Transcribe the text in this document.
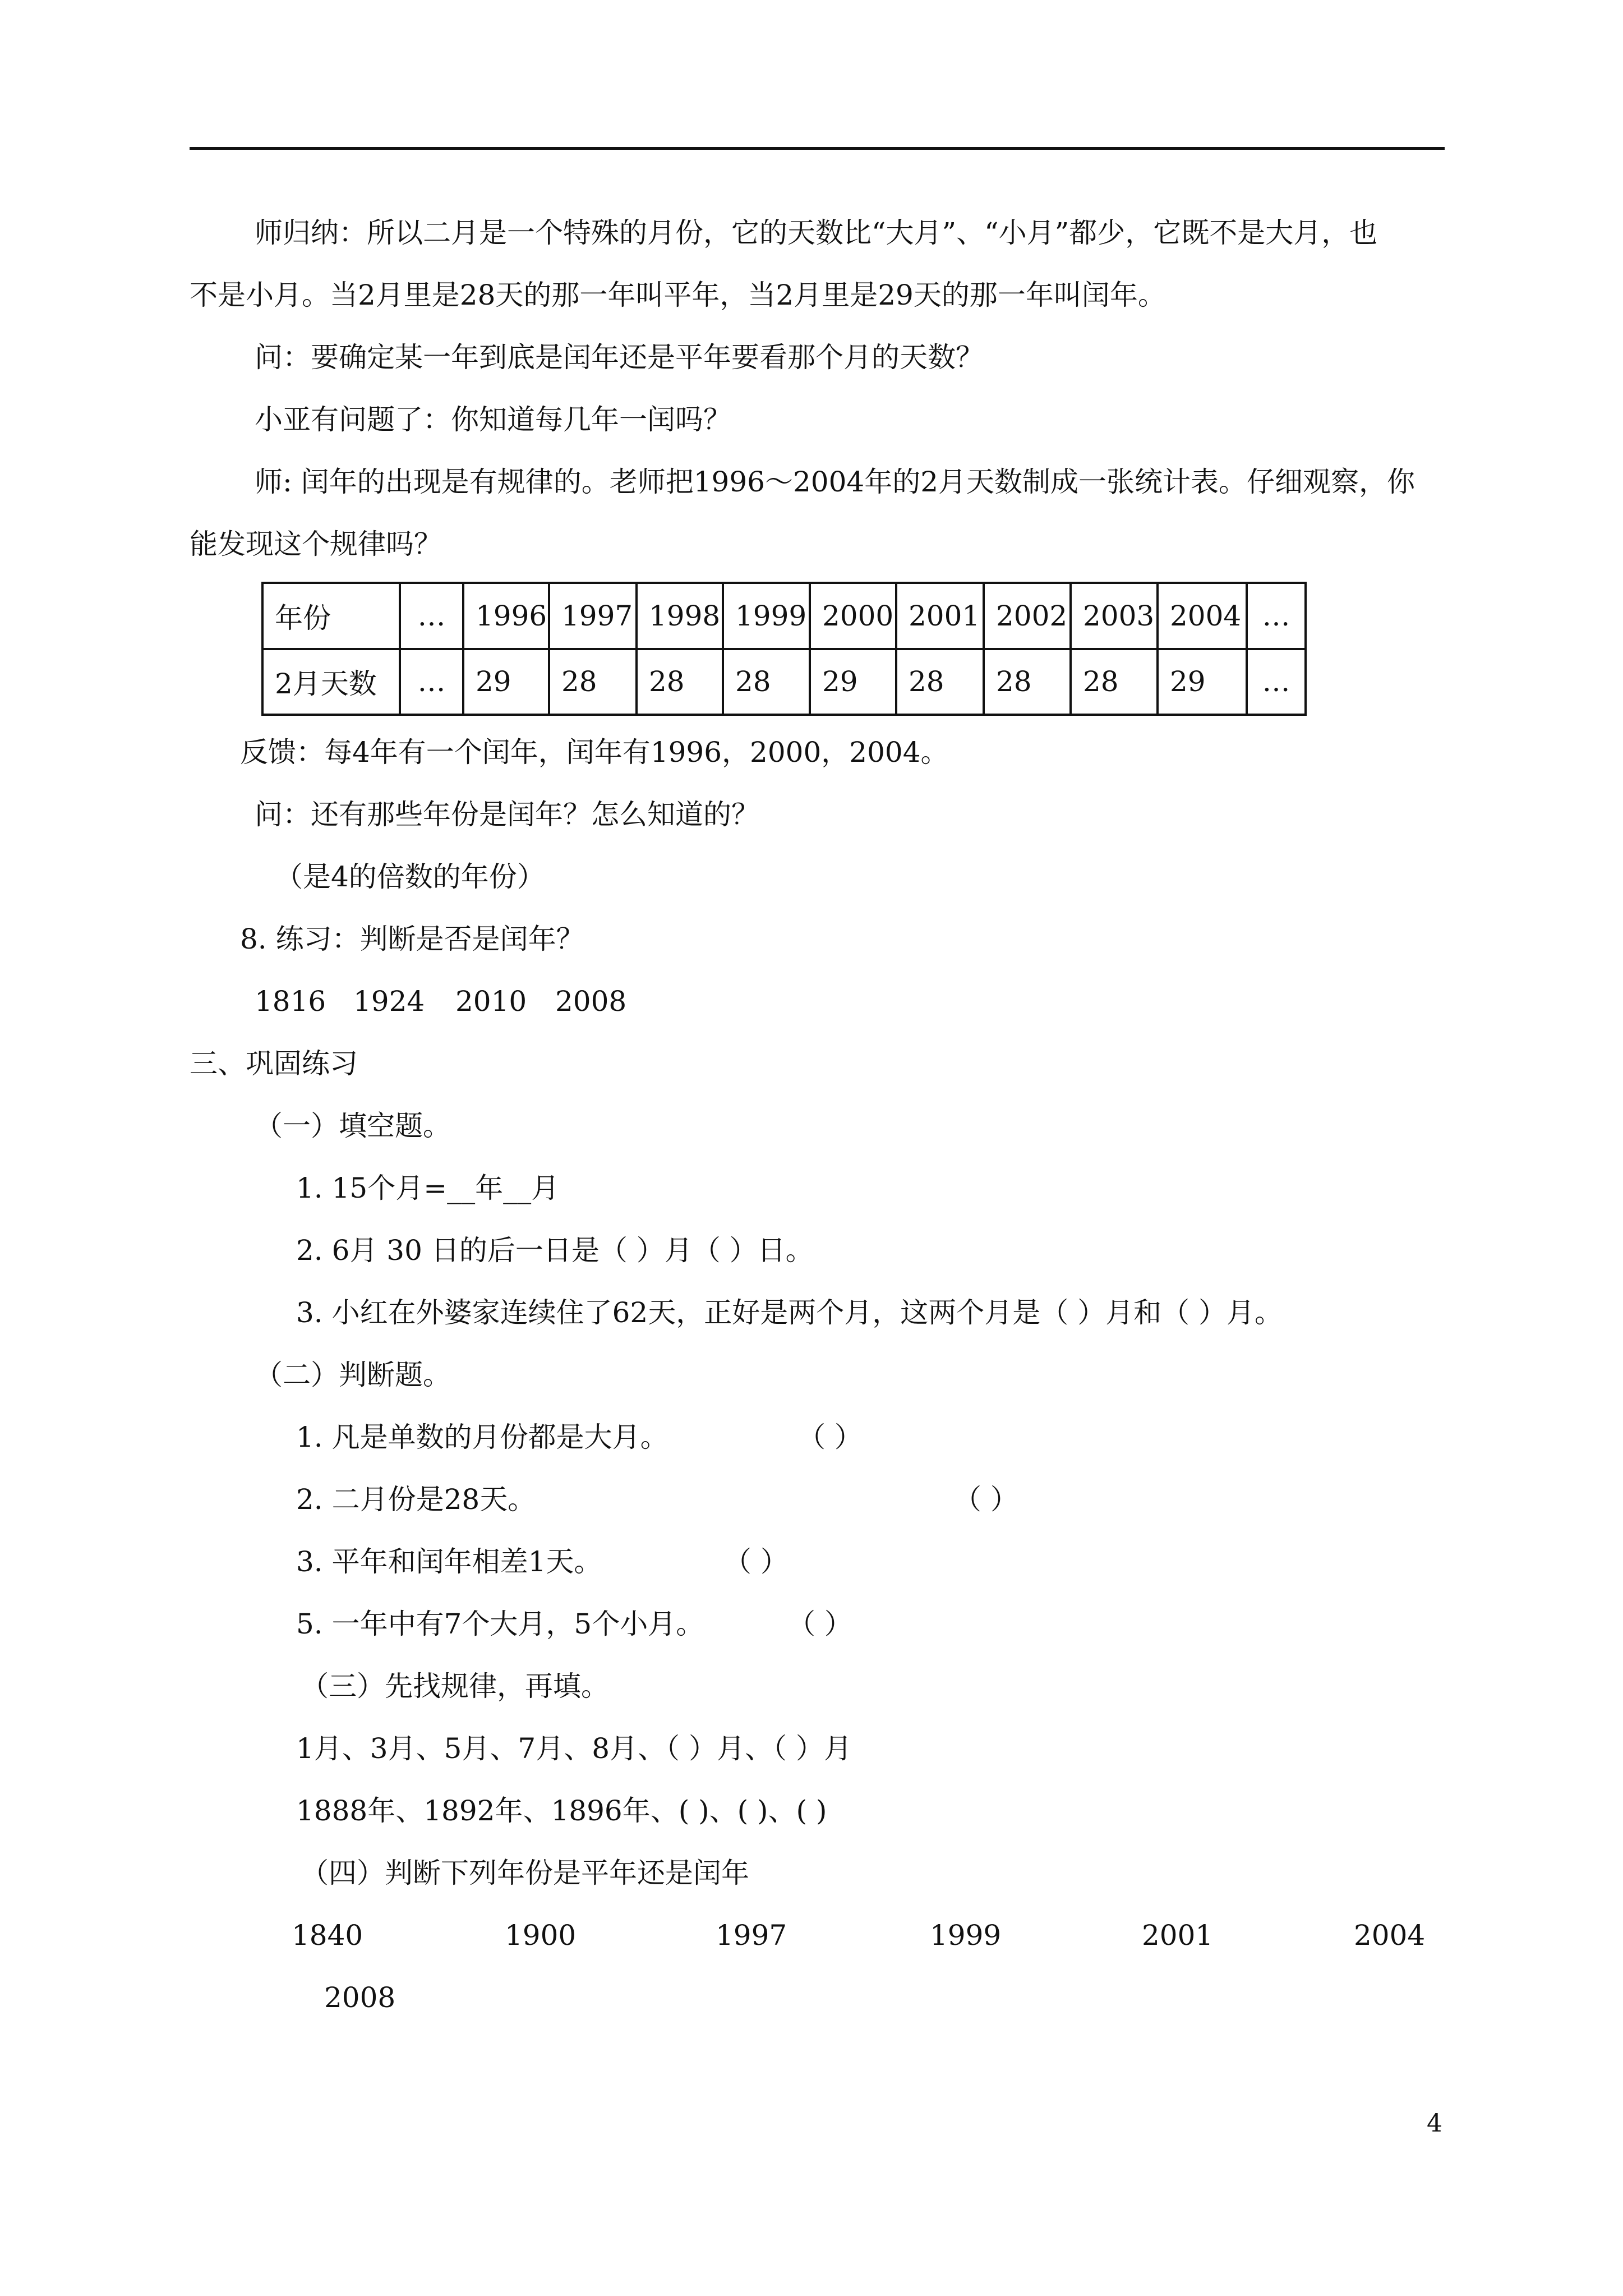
师归纳：所以二月是一个特殊的月份，它的天数比“大月”、“小月”都少，它既不是大月，也
不是小月。当2月里是28天的那一年叫平年，当2月里是29天的那一年叫闰年。
问：要确定某一年到底是闰年还是平年要看那个月的天数？
小亚有问题了：你知道每几年一闰吗？
师: 闰年的出现是有规律的。老师把1996～2004年的2月天数制成一张统计表。仔细观察，你
能发现这个规律吗？
年份	…	1996	1997	1998	1999	2000	2001	2002	2003	2004	…
2月天数	…	29	28	28	28	29	28	28	28	29	…
反馈：每4年有一个闰年，闰年有1996，2000，2004。
问：还有那些年份是闰年？怎么知道的？
（是4的倍数的年份）
8. 练习：判断是否是闰年？
1816 1924 2010 2008
三、巩固练习
（一）填空题。
1. 15个月=__年__月
2. 6月 30 日的后一日是（ ）月（ ）日。
3. 小红在外婆家连续住了62天，正好是两个月，这两个月是（ ）月和（ ）月。
（二）判断题。
1. 凡是单数的月份都是大月。	（ ）
2. 二月份是28天。	（ ）
3. 平年和闰年相差1天。	（ ）
5. 一年中有7个大月，5个小月。	（ ）
（三）先找规律，再填。
1月、3月、5月、7月、8月、（ ）月、（ ）月
1888年、1892年、1896年、( )、( )、( )
（四）判断下列年份是平年还是闰年
1840	1900	1997	1999	2001	2004
2008
4
